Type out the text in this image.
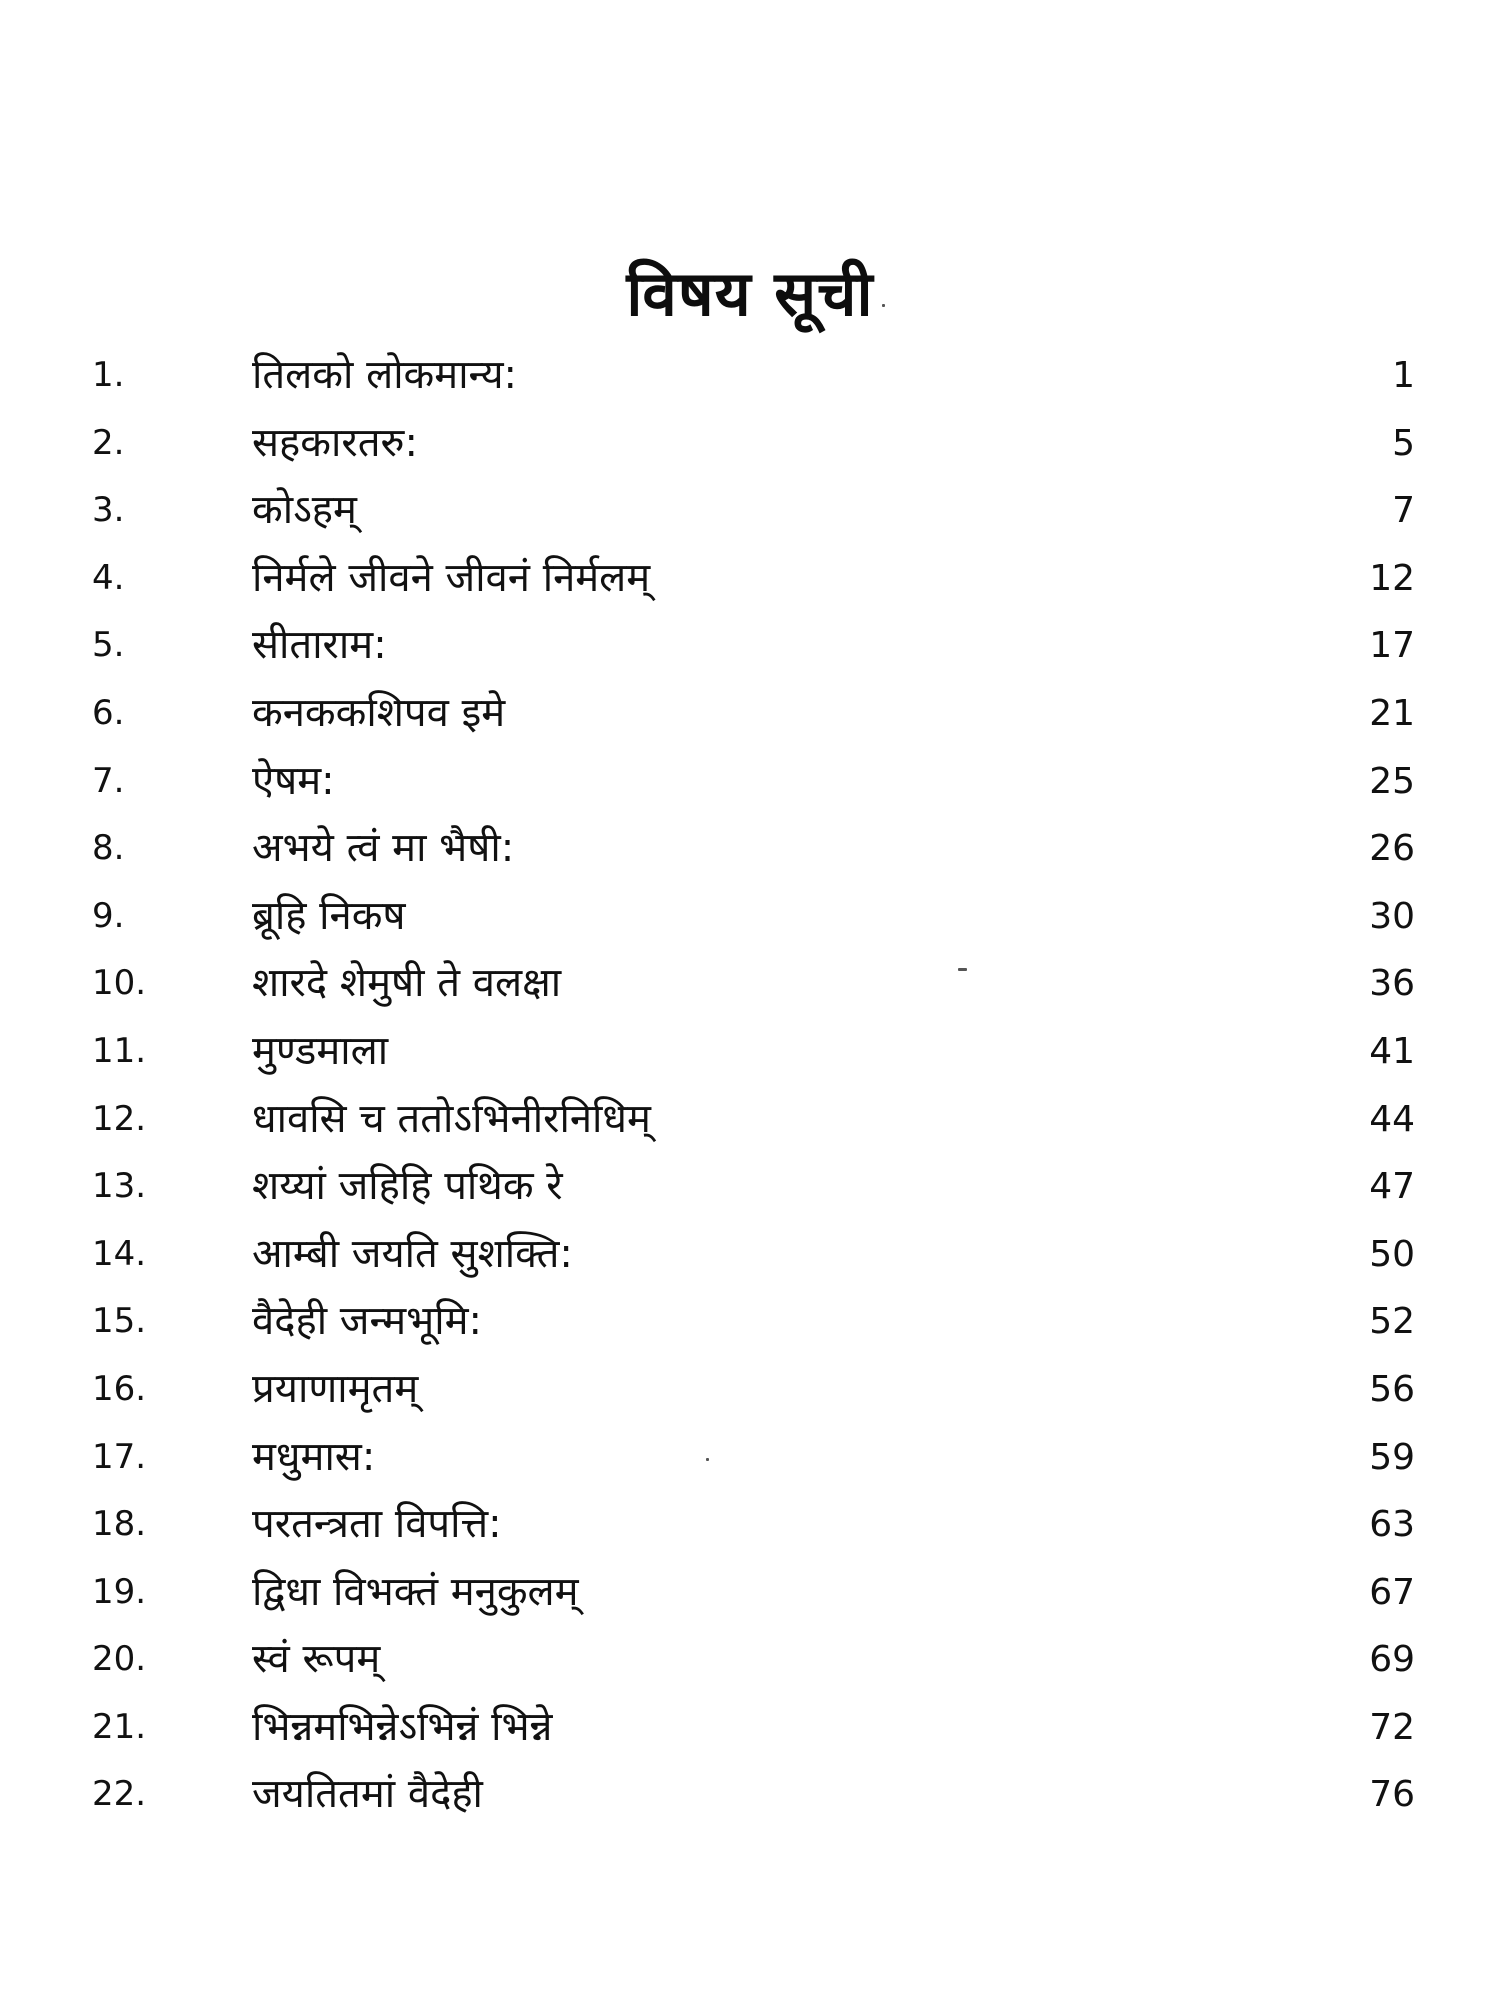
विषय सूची
1.	तिलको लोकमान्य:	1
2.	सहकारतरु:	5
3.	कोऽहम्	7
4.	निर्मले जीवने जीवनं निर्मलम्	12
5.	सीताराम:	17
6.	कनककशिपव इमे	21
7.	ऐषम:	25
8.	अभये त्वं मा भैषी:	26
9.	ब्रूहि निकष	30
10.	शारदे शेमुषी ते वलक्षा	36
11.	मुण्डमाला	41
12.	धावसि च ततोऽभिनीरनिधिम्	44
13.	शय्यां जहिहि पथिक रे	47
14.	आम्बी जयति सुशक्ति:	50
15.	वैदेही जन्मभूमि:	52
16.	प्रयाणामृतम्	56
17.	मधुमास:	59
18.	परतन्त्रता विपत्ति:	63
19.	द्विधा विभक्तं मनुकुलम्	67
20.	स्वं रूपम्	69
21.	भिन्नमभिन्नेऽभिन्नं भिन्ने	72
22.	जयतितमां वैदेही	76
